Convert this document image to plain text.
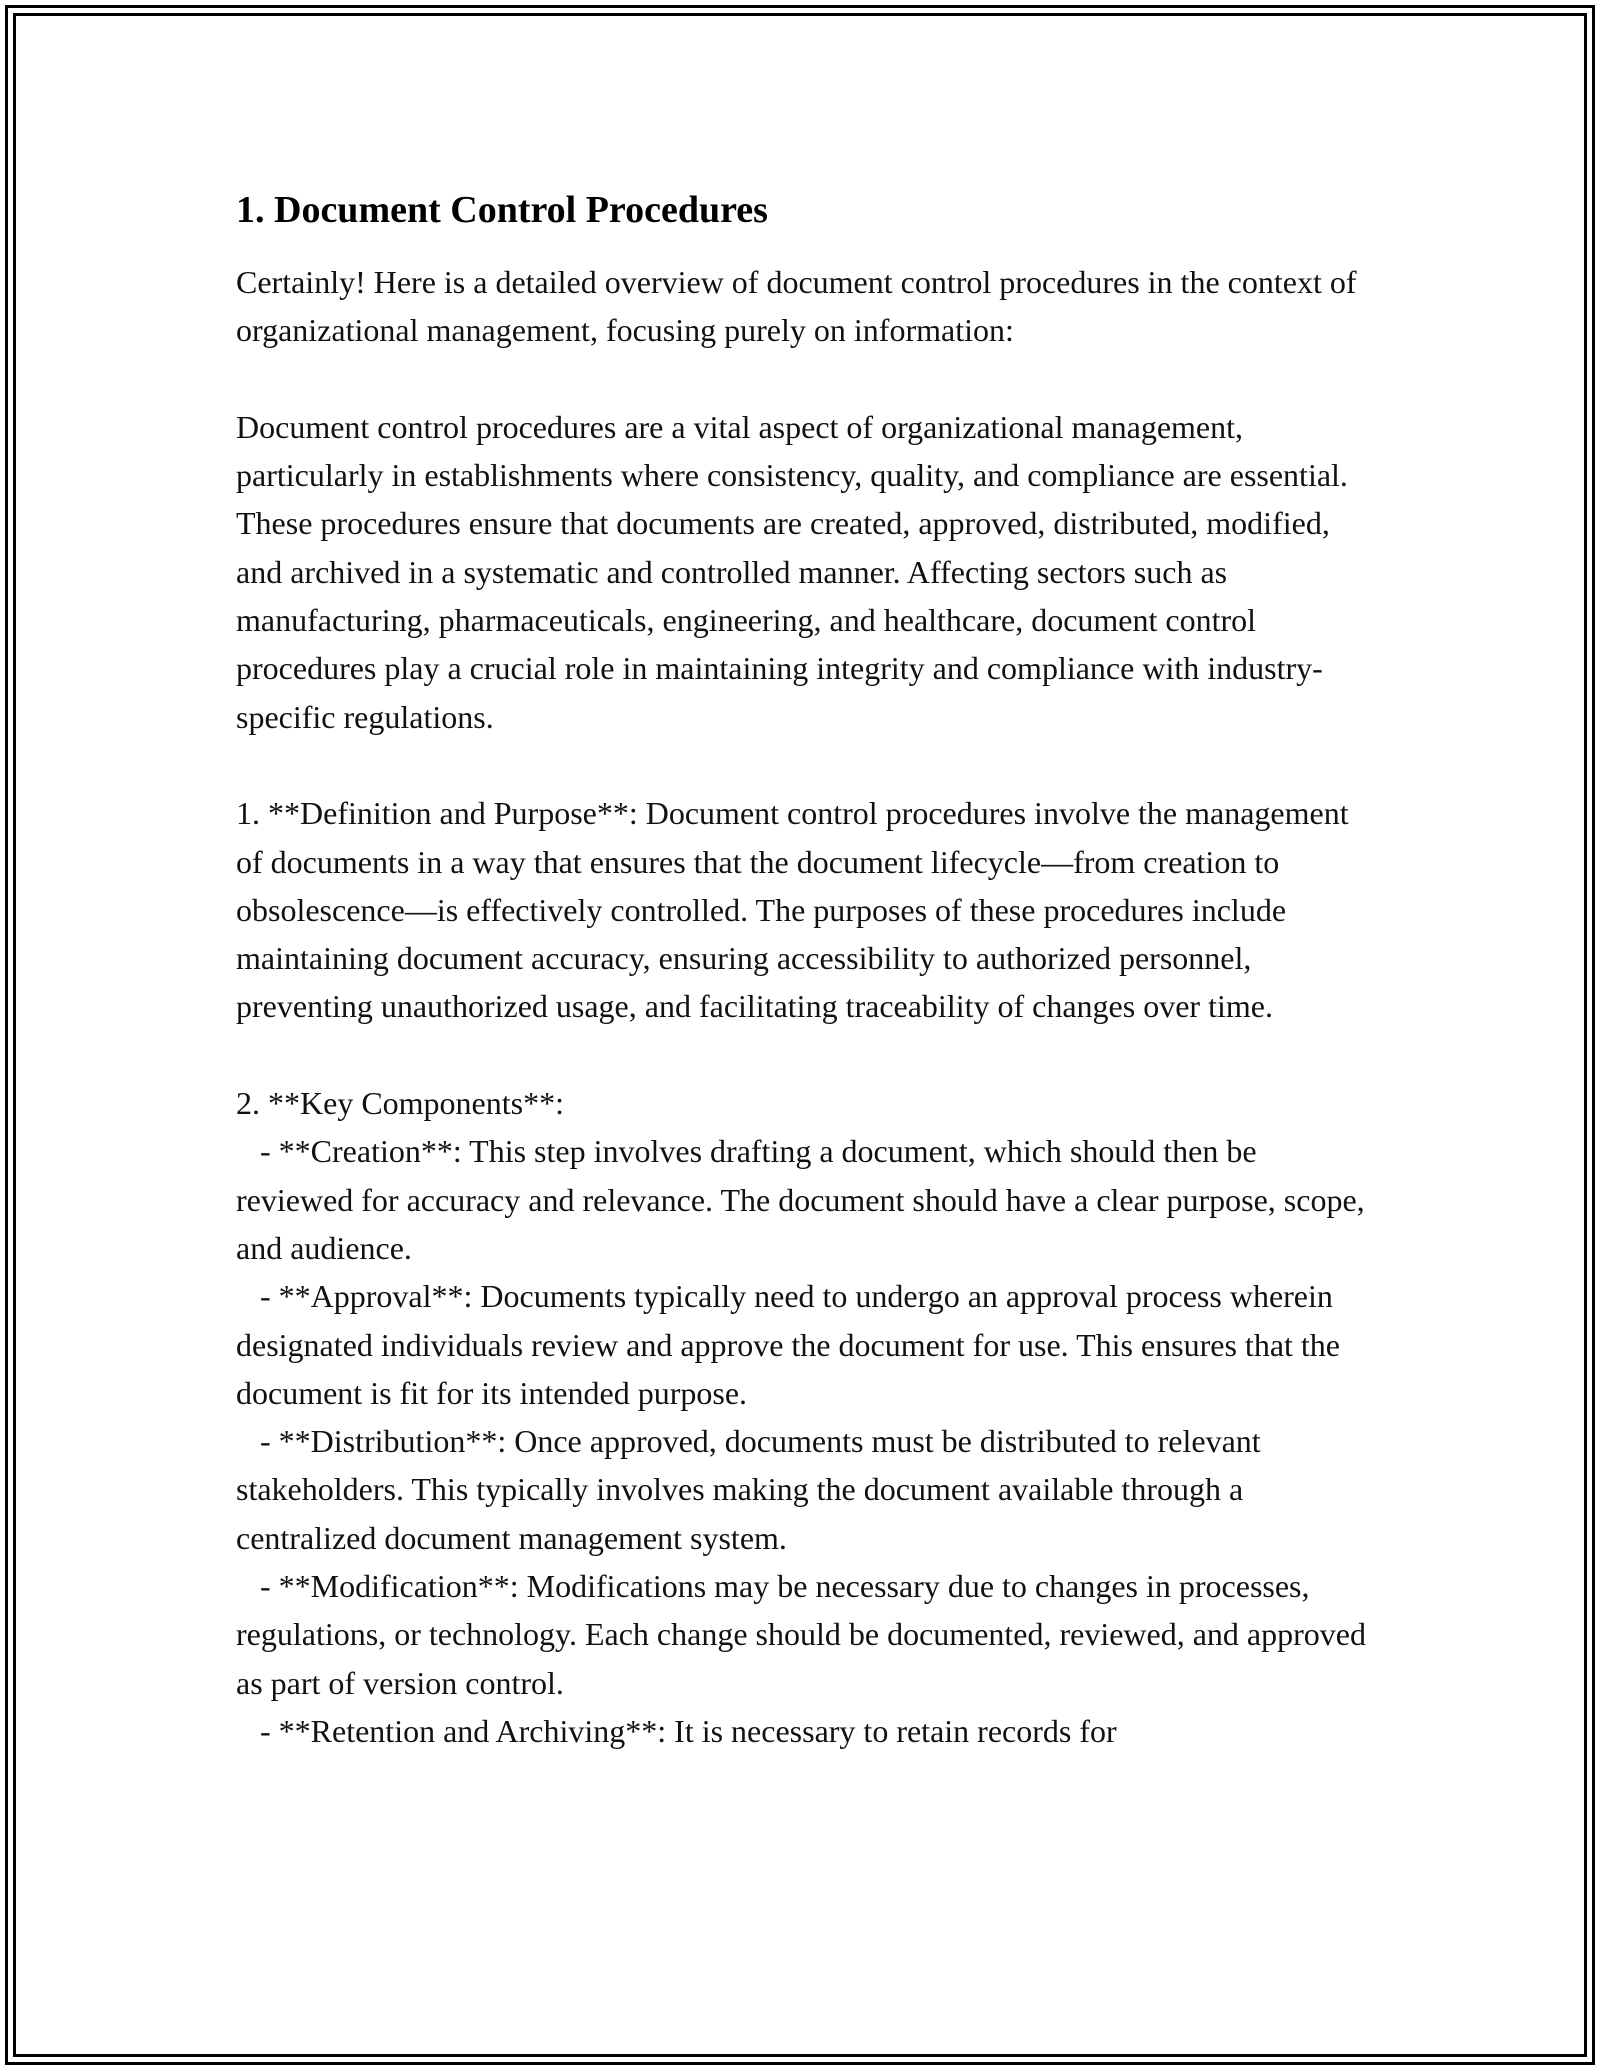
1. Document Control Procedures
Certainly! Here is a detailed overview of document control procedures in the context of organizational management, focusing purely on information:

Document control procedures are a vital aspect of organizational management, particularly in establishments where consistency, quality, and compliance are essential. These procedures ensure that documents are created, approved, distributed, modified, and archived in a systematic and controlled manner. Affecting sectors such as manufacturing, pharmaceuticals, engineering, and healthcare, document control procedures play a crucial role in maintaining integrity and compliance with industry-specific regulations.

1. **Definition and Purpose**: Document control procedures involve the management of documents in a way that ensures that the document lifecycle—from creation to obsolescence—is effectively controlled. The purposes of these procedures include maintaining document accuracy, ensuring accessibility to authorized personnel, preventing unauthorized usage, and facilitating traceability of changes over time.

2. **Key Components**:
- **Creation**: This step involves drafting a document, which should then be reviewed for accuracy and relevance. The document should have a clear purpose, scope, and audience.
- **Approval**: Documents typically need to undergo an approval process wherein designated individuals review and approve the document for use. This ensures that the document is fit for its intended purpose.
- **Distribution**: Once approved, documents must be distributed to relevant stakeholders. This typically involves making the document available through a centralized document management system.
- **Modification**: Modifications may be necessary due to changes in processes, regulations, or technology. Each change should be documented, reviewed, and approved as part of version control.
- **Retention and Archiving**: It is necessary to retain records for
